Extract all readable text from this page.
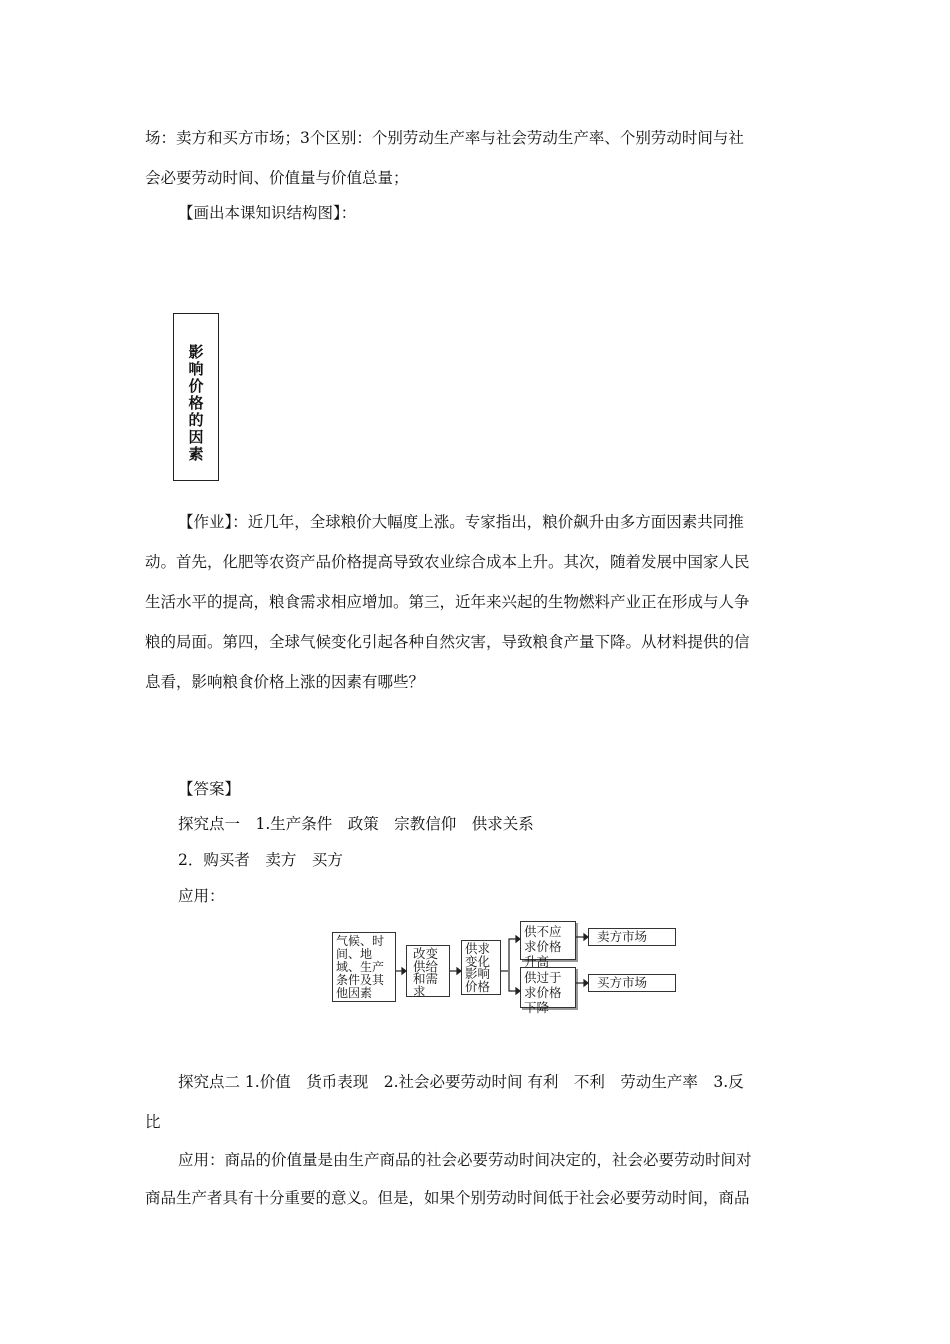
场：卖方和买方市场；3个区别：个别劳动生产率与社会劳动生产率、个别劳动时间与社
会必要劳动时间、价值量与价值总量；
【画出本课知识结构图】：
影响价格的因素
【作业】：近几年，全球粮价大幅度上涨。专家指出，粮价飙升由多方面因素共同推
动。首先，化肥等农资产品价格提高导致农业综合成本上升。其次，随着发展中国家人民
生活水平的提高，粮食需求相应增加。第三，近年来兴起的生物燃料产业正在形成与人争
粮的局面。第四，全球气候变化引起各种自然灾害，导致粮食产量下降。从材料提供的信
息看，影响粮食价格上涨的因素有哪些？
【答案】
探究点一　1.生产条件　政策　宗教信仰　供求关系
2．购买者　卖方　买方
应用：
气候、时间、地域、生产条件及其他因素
改变供给和需求
供求变化影响价格
供不应求价格升高
供过于求价格下降
卖方市场
买方市场
探究点二 1.价值　货币表现　2.社会必要劳动时间 有利　不利　劳动生产率　3.反
比
应用：商品的价值量是由生产商品的社会必要劳动时间决定的，社会必要劳动时间对
商品生产者具有十分重要的意义。但是，如果个别劳动时间低于社会必要劳动时间，商品
